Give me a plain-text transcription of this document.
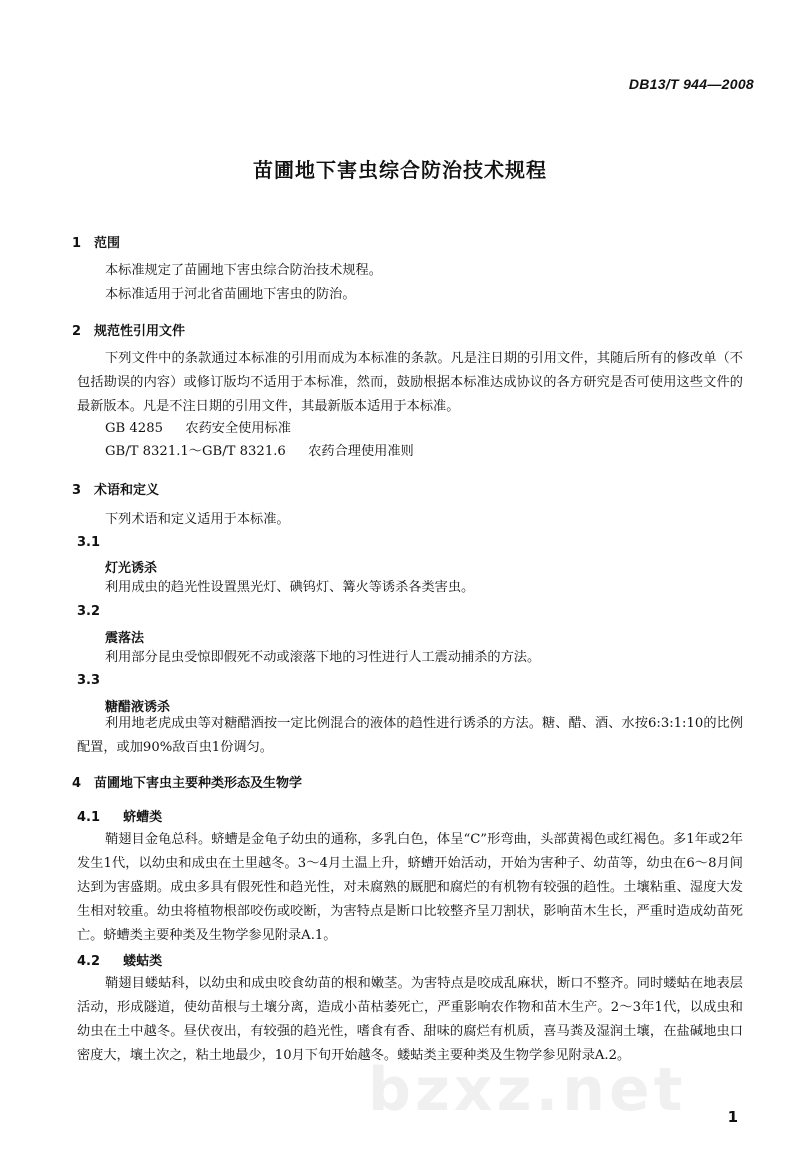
DB13/T 944—2008
苗圃地下害虫综合防治技术规程
1 范围
本标准规定了苗圃地下害虫综合防治技术规程。
本标准适用于河北省苗圃地下害虫的防治。
2 规范性引用文件
下列文件中的条款通过本标准的引用而成为本标准的条款。凡是注日期的引用文件，其随后所有的修改单（不包括勘误的内容）或修订版均不适用于本标准，然而，鼓励根据本标准达成协议的各方研究是否可使用这些文件的最新版本。凡是不注日期的引用文件，其最新版本适用于本标准。
GB 4285 农药安全使用标准
GB/T 8321.1～GB/T 8321.6 农药合理使用准则
3 术语和定义
下列术语和定义适用于本标准。
3.1
灯光诱杀
利用成虫的趋光性设置黑光灯、碘钨灯、篝火等诱杀各类害虫。
3.2
震落法
利用部分昆虫受惊即假死不动或滚落下地的习性进行人工震动捕杀的方法。
3.3
糖醋液诱杀
利用地老虎成虫等对糖醋酒按一定比例混合的液体的趋性进行诱杀的方法。糖、醋、酒、水按6:3:1:10的比例配置，或加90%敌百虫1份调匀。
4 苗圃地下害虫主要种类形态及生物学
4.1 蛴螬类
鞘翅目金龟总科。蛴螬是金龟子幼虫的通称，多乳白色，体呈“C”形弯曲，头部黄褐色或红褐色。多1年或2年发生1代，以幼虫和成虫在土里越冬。3～4月土温上升，蛴螬开始活动，开始为害种子、幼苗等，幼虫在6～8月间达到为害盛期。成虫多具有假死性和趋光性，对未腐熟的厩肥和腐烂的有机物有较强的趋性。土壤粘重、湿度大发生相对较重。幼虫将植物根部咬伤或咬断，为害特点是断口比较整齐呈刀割状，影响苗木生长，严重时造成幼苗死亡。蛴螬类主要种类及生物学参见附录A.1。
4.2 蝼蛄类
鞘翅目蝼蛄科，以幼虫和成虫咬食幼苗的根和嫩茎。为害特点是咬成乱麻状，断口不整齐。同时蝼蛄在地表层活动，形成隧道，使幼苗根与土壤分离，造成小苗枯萎死亡，严重影响农作物和苗木生产。2～3年1代，以成虫和幼虫在土中越冬。昼伏夜出，有较强的趋光性，嗜食有香、甜味的腐烂有机质，喜马粪及湿润土壤，在盐碱地虫口密度大，壤土次之，粘土地最少，10月下旬开始越冬。蝼蛄类主要种类及生物学参见附录A.2。
bzxz.net	1
